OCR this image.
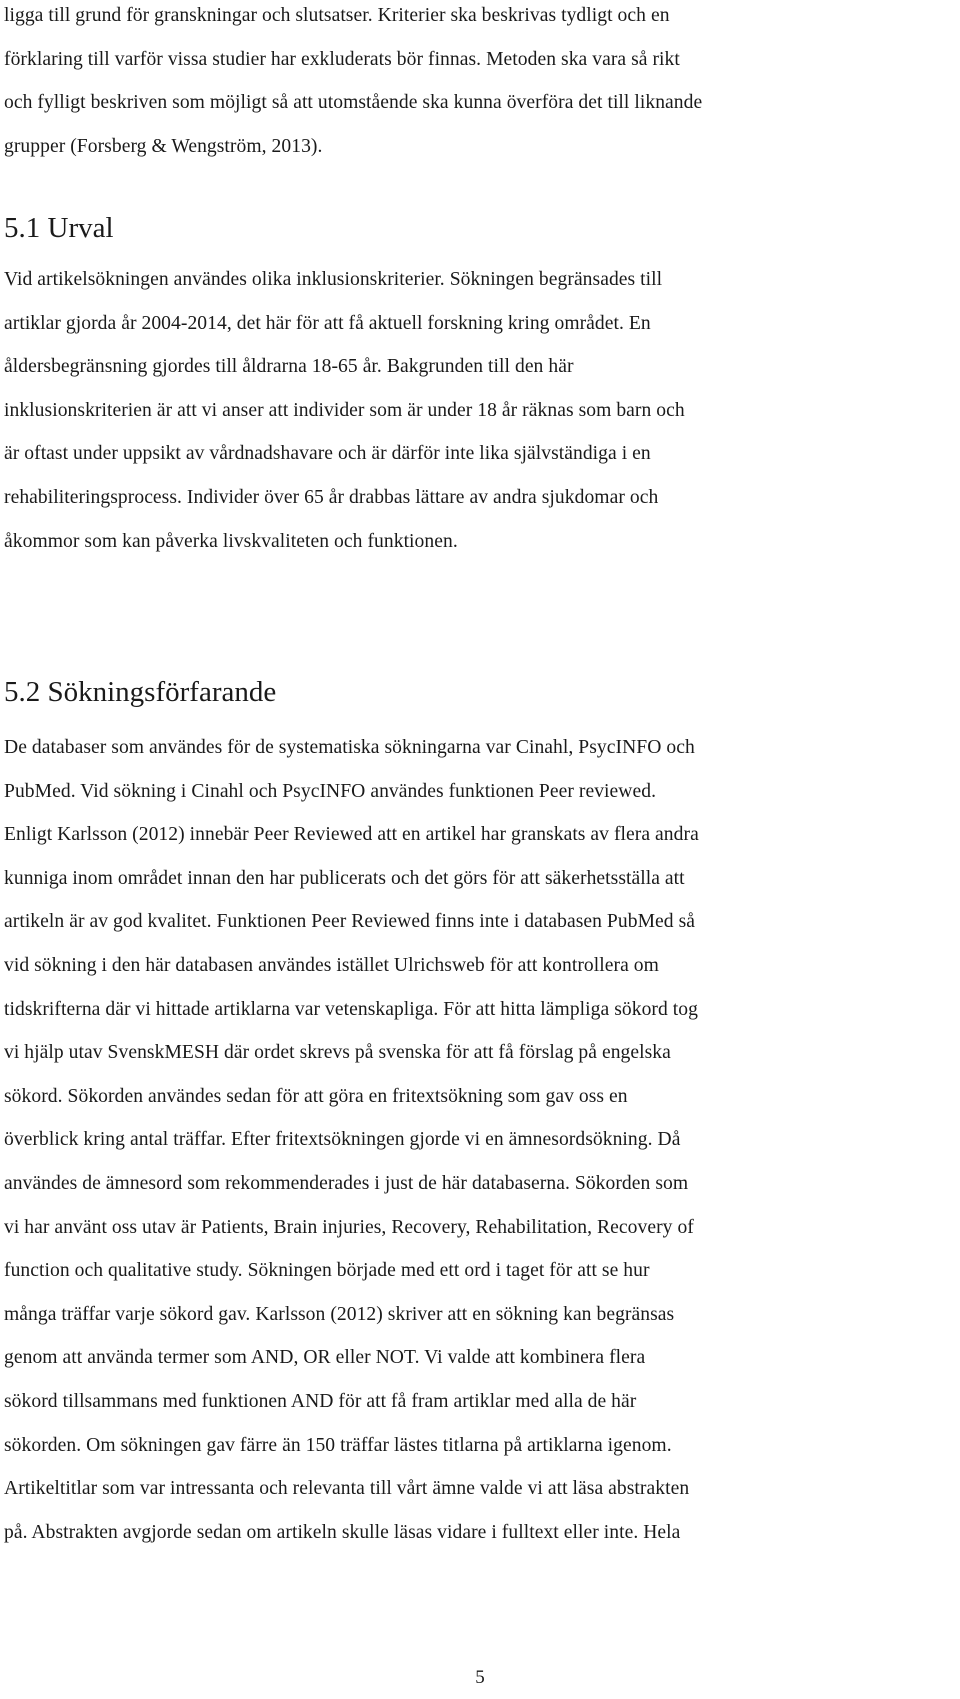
ligga till grund för granskningar och slutsatser. Kriterier ska beskrivas tydligt och en
förklaring till varför vissa studier har exkluderats bör finnas. Metoden ska vara så rikt
och fylligt beskriven som möjligt så att utomstående ska kunna överföra det till liknande
grupper (Forsberg & Wengström, 2013).
5.1 Urval
Vid artikelsökningen användes olika inklusionskriterier. Sökningen begränsades till
artiklar gjorda år 2004-2014, det här för att få aktuell forskning kring området. En
åldersbegränsning gjordes till åldrarna 18-65 år. Bakgrunden till den här
inklusionskriterien är att vi anser att individer som är under 18 år räknas som barn och
är oftast under uppsikt av vårdnadshavare och är därför inte lika självständiga i en
rehabiliteringsprocess. Individer över 65 år drabbas lättare av andra sjukdomar och
åkommor som kan påverka livskvaliteten och funktionen.
5.2 Sökningsförfarande
De databaser som användes för de systematiska sökningarna var Cinahl, PsycINFO och
PubMed. Vid sökning i Cinahl och PsycINFO användes funktionen Peer reviewed.
Enligt Karlsson (2012) innebär Peer Reviewed att en artikel har granskats av flera andra
kunniga inom området innan den har publicerats och det görs för att säkerhetsställa att
artikeln är av god kvalitet. Funktionen Peer Reviewed finns inte i databasen PubMed så
vid sökning i den här databasen användes istället Ulrichsweb för att kontrollera om
tidskrifterna där vi hittade artiklarna var vetenskapliga. För att hitta lämpliga sökord tog
vi hjälp utav SvenskMESH där ordet skrevs på svenska för att få förslag på engelska
sökord. Sökorden användes sedan för att göra en fritextsökning som gav oss en
överblick kring antal träffar. Efter fritextsökningen gjorde vi en ämnesordsökning. Då
användes de ämnesord som rekommenderades i just de här databaserna. Sökorden som
vi har använt oss utav är Patients, Brain injuries, Recovery, Rehabilitation, Recovery of
function och qualitative study. Sökningen började med ett ord i taget för att se hur
många träffar varje sökord gav. Karlsson (2012) skriver att en sökning kan begränsas
genom att använda termer som AND, OR eller NOT. Vi valde att kombinera flera
sökord tillsammans med funktionen AND för att få fram artiklar med alla de här
sökorden. Om sökningen gav färre än 150 träffar lästes titlarna på artiklarna igenom.
Artikeltitlar som var intressanta och relevanta till vårt ämne valde vi att läsa abstrakten
på. Abstrakten avgjorde sedan om artikeln skulle läsas vidare i fulltext eller inte. Hela
5
